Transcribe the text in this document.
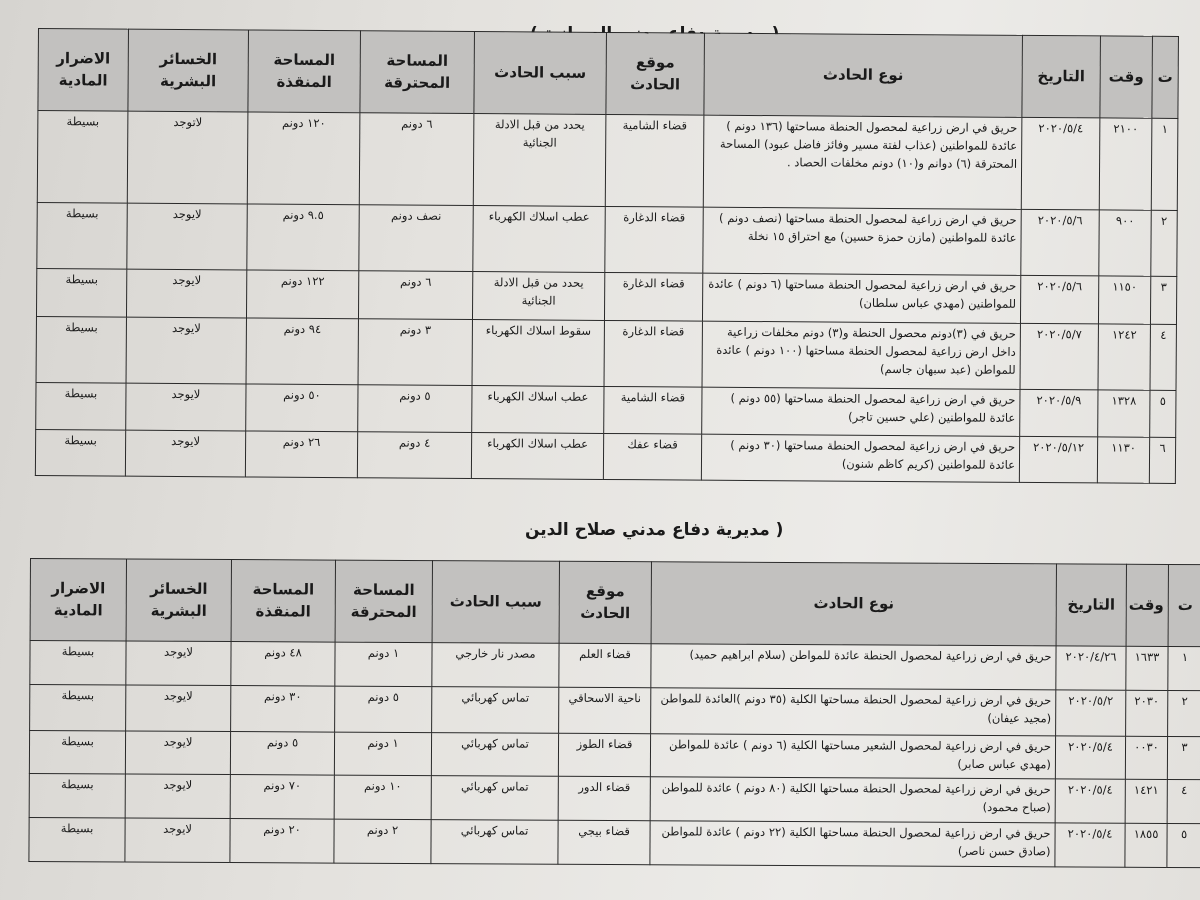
ت	وقت	التاريخ	نوع الحادث	موقع الحادث	سبب الحادث	المساحة المحترقة	المساحة المنقذة	الخسائر البشرية	الاضرار المادية
١	٢١٠٠	٢٠٢٠/٥/٤	حريق في ارض زراعية لمحصول الحنطة مساحتها (١٣٦ دونم ) عائدة للمواطنين (عذاب لفتة مسير وفائز فاضل عبود) المساحة المحترقة (٦) دوانم و(١٠) دونم مخلفات الحصاد .	قضاء الشامية	يحدد من قبل الادلة الجنائية	٦ دونم	١٢٠ دونم	لاتوجد	بسيطة
٢	٩٠٠	٢٠٢٠/٥/٦	حريق في ارض زراعية لمحصول الحنطة مساحتها (نصف دونم ) عائدة للمواطنين (مازن حمزة حسين) مع احتراق ١٥ نخلة	قضاء الدغارة	عطب اسلاك الكهرباء	نصف دونم	٩.٥ دونم	لايوجد	بسيطة
٣	١١٥٠	٢٠٢٠/٥/٦	حريق في ارض زراعية لمحصول الحنطة مساحتها (٦ دونم ) عائدة للمواطنين (مهدي عباس سلطان)	قضاء الدغارة	يحدد من قبل الادلة الجنائية	٦ دونم	١٢٢ دونم	لايوجد	بسيطة
٤	١٢٤٢	٢٠٢٠/٥/٧	حريق في (٣)دونم محصول الحنطة و(٣) دونم مخلفات زراعية داخل ارض زراعية لمحصول الحنطة مساحتها (١٠٠ دونم ) عائدة للمواطن (عبد سبهان جاسم)	قضاء الدغارة	سقوط اسلاك الكهرباء	٣ دونم	٩٤ دونم	لايوجد	بسيطة
٥	١٣٢٨	٢٠٢٠/٥/٩	حريق في ارض زراعية لمحصول الحنطة مساحتها (٥٥ دونم ) عائدة للمواطنين (علي حسين تاجر)	قضاء الشامية	عطب اسلاك الكهرباء	٥ دونم	٥٠ دونم	لايوجد	بسيطة
٦	١١٣٠	٢٠٢٠/٥/١٢	حريق في ارض زراعية لمحصول الحنطة مساحتها (٣٠ دونم ) عائدة للمواطنين (كريم كاظم شنون)	قضاء عفك	عطب اسلاك الكهرباء	٤ دونم	٢٦ دونم	لايوجد	بسيطة
( مديرية دفاع مدني صلاح الدين
ت	وقت	التاريخ	نوع الحادث	موقع الحادث	سبب الحادث	المساحة المحترقة	المساحة المنقذة	الخسائر البشرية	الاضرار المادية
١	١٦٣٣	٢٠٢٠/٤/٢٦	حريق في ارض زراعية لمحصول الحنطة عائدة للمواطن (سلام ابراهيم حميد)	قضاء العلم	مصدر نار خارجي	١ دونم	٤٨ دونم	لايوجد	بسيطة
٢	٢٠٣٠	٢٠٢٠/٥/٢	حريق في ارض زراعية لمحصول الحنطة مساحتها الكلية (٣٥ دونم )العائدة للمواطن (مجيد عيفان)	ناحية الاسحاقي	تماس كهربائي	٥ دونم	٣٠ دونم	لايوجد	بسيطة
٣	٠٠٣٠	٢٠٢٠/٥/٤	حريق في ارض زراعية لمحصول الشعير مساحتها الكلية (٦ دونم ) عائدة للمواطن (مهدي عباس صابر)	قضاء الطوز	تماس كهربائي	١ دونم	٥ دونم	لايوجد	بسيطة
٤	١٤٢١	٢٠٢٠/٥/٤	حريق في ارض زراعية لمحصول الحنطة مساحتها الكلية (٨٠ دونم ) عائدة للمواطن (صباح محمود)	قضاء الدور	تماس كهربائي	١٠ دونم	٧٠ دونم	لايوجد	بسيطة
٥	١٨٥٥	٢٠٢٠/٥/٤	حريق في ارض زراعية لمحصول الحنطة مساحتها الكلية (٢٢ دونم ) عائدة للمواطن (صادق حسن ناصر)	قضاء بيجي	تماس كهربائي	٢ دونم	٢٠ دونم	لايوجد	بسيطة
